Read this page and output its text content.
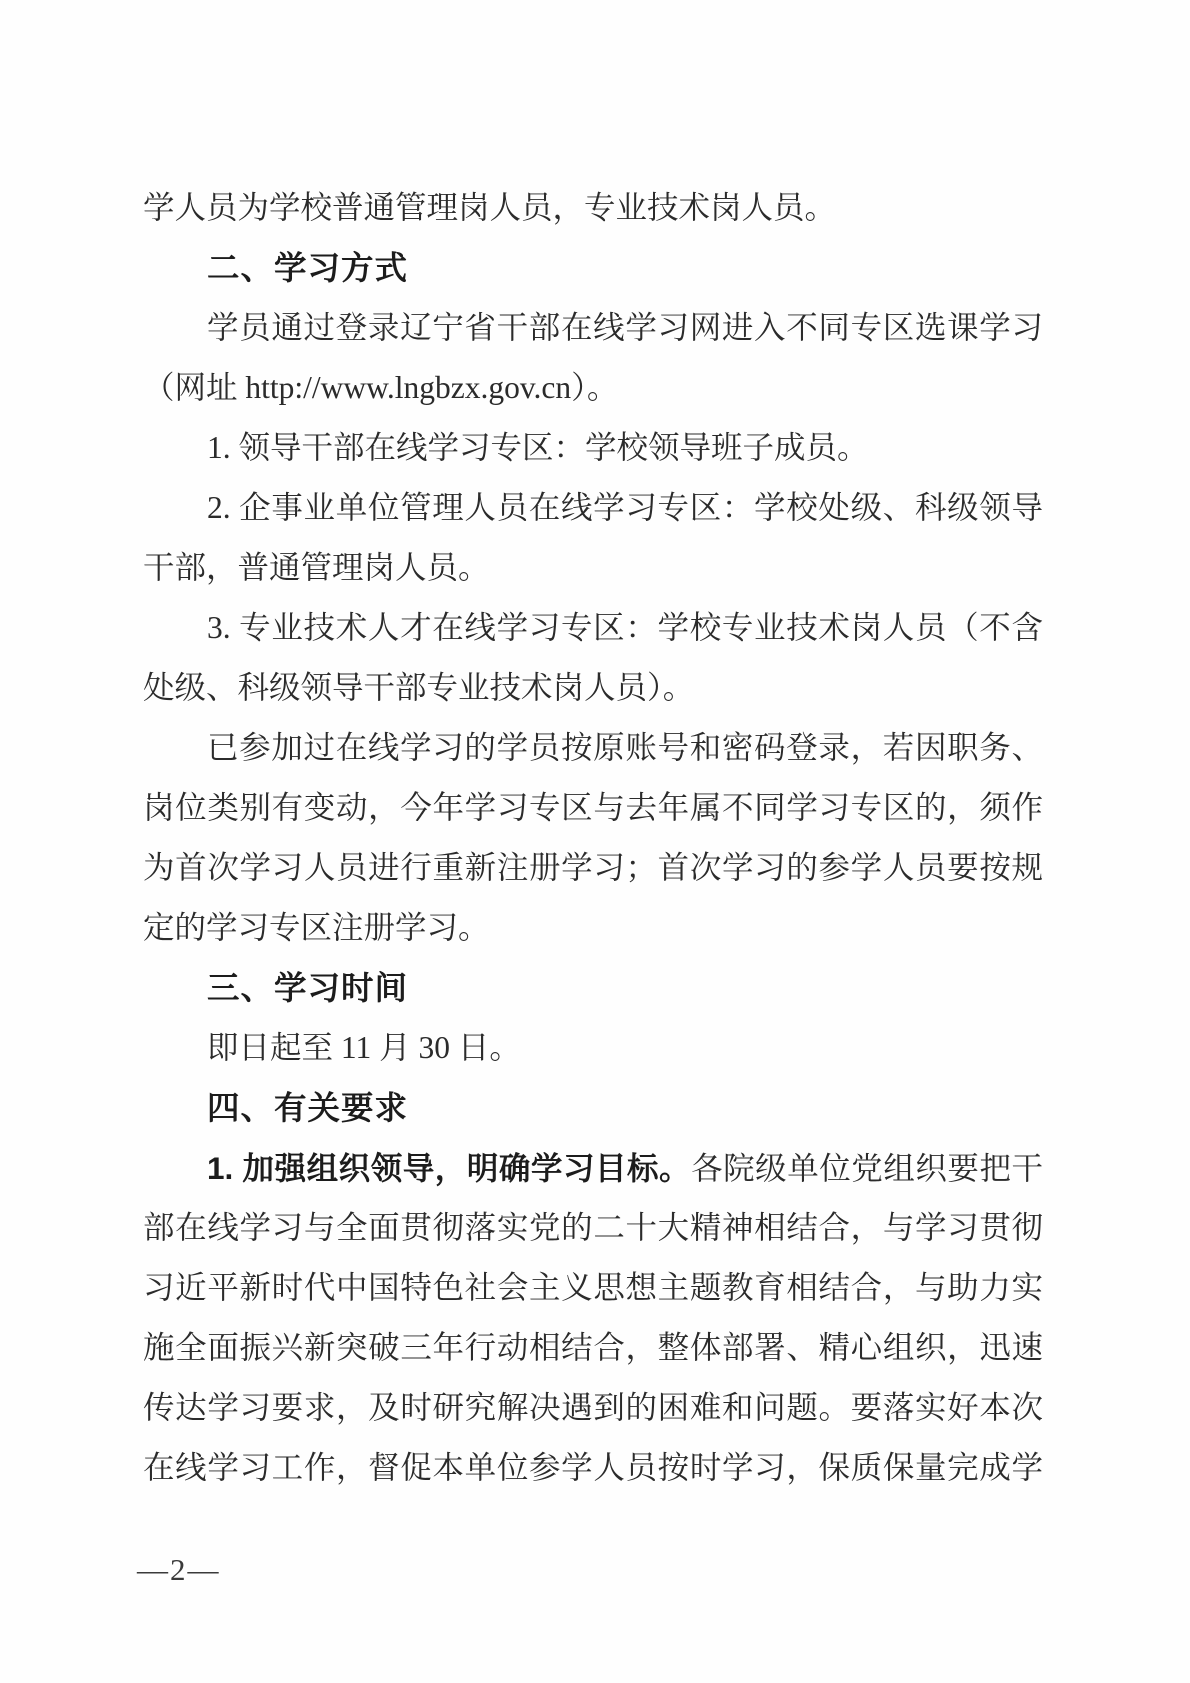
学人员为学校普通管理岗人员，专业技术岗人员。
二、学习方式
学员通过登录辽宁省干部在线学习网进入不同专区选课学习
（网址 http://www.lngbzx.gov.cn）。
1. 领导干部在线学习专区：学校领导班子成员。
2. 企事业单位管理人员在线学习专区：学校处级、科级领导
干部，普通管理岗人员。
3. 专业技术人才在线学习专区：学校专业技术岗人员（不含
处级、科级领导干部专业技术岗人员）。
已参加过在线学习的学员按原账号和密码登录，若因职务、
岗位类别有变动，今年学习专区与去年属不同学习专区的，须作
为首次学习人员进行重新注册学习；首次学习的参学人员要按规
定的学习专区注册学习。
三、学习时间
即日起至 11 月 30 日。
四、有关要求
1. 加强组织领导，明确学习目标。各院级单位党组织要把干
部在线学习与全面贯彻落实党的二十大精神相结合，与学习贯彻
习近平新时代中国特色社会主义思想主题教育相结合，与助力实
施全面振兴新突破三年行动相结合，整体部署、精心组织，迅速
传达学习要求，及时研究解决遇到的困难和问题。要落实好本次
在线学习工作，督促本单位参学人员按时学习，保质保量完成学
—2—
